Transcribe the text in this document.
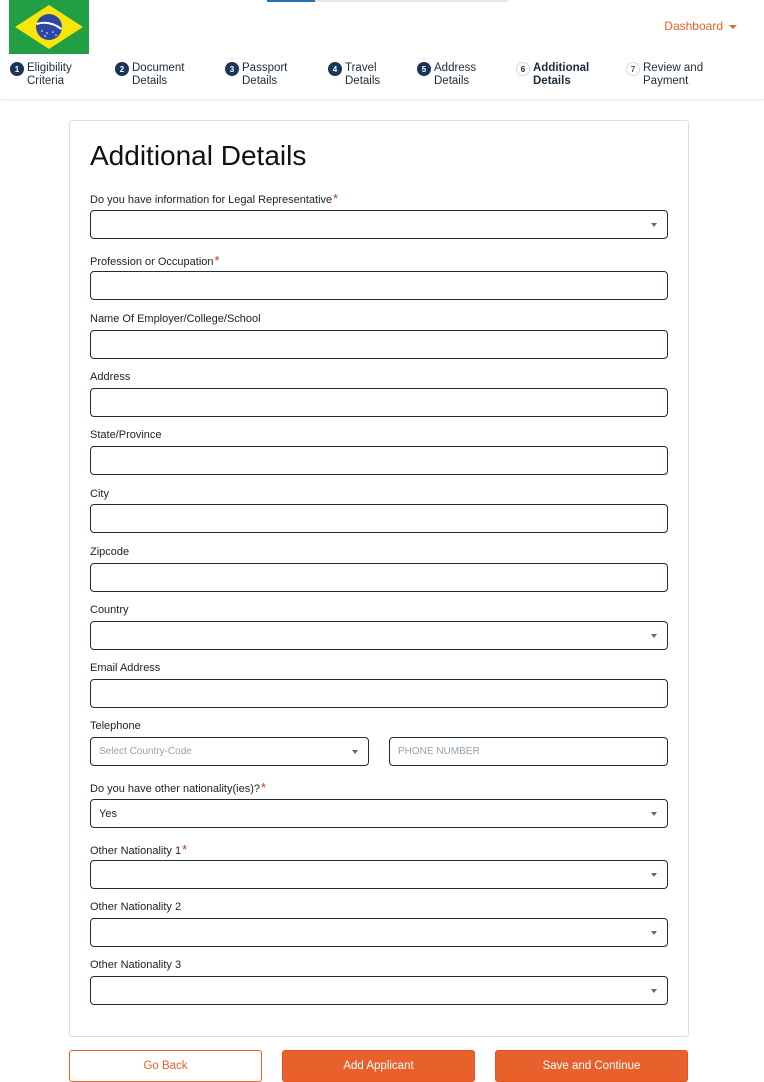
Dashboard
1 Eligibility
Criteria
2 Document
Details
3 Passport
Details
4 Travel
Details
5 Address
Details
6 Additional
Details
7 Review and
Payment
Additional Details
Do you have information for Legal Representative*
Profession or Occupation*
Name Of Employer/College/School
Address
State/Province
City
Zipcode
Country
Email Address
Telephone
Select Country-Code	PHONE NUMBER
Do you have other nationality(ies)?*
Yes
Other Nationality 1*
Other Nationality 2
Other Nationality 3
Go Back	Add Applicant	Save and Continue
